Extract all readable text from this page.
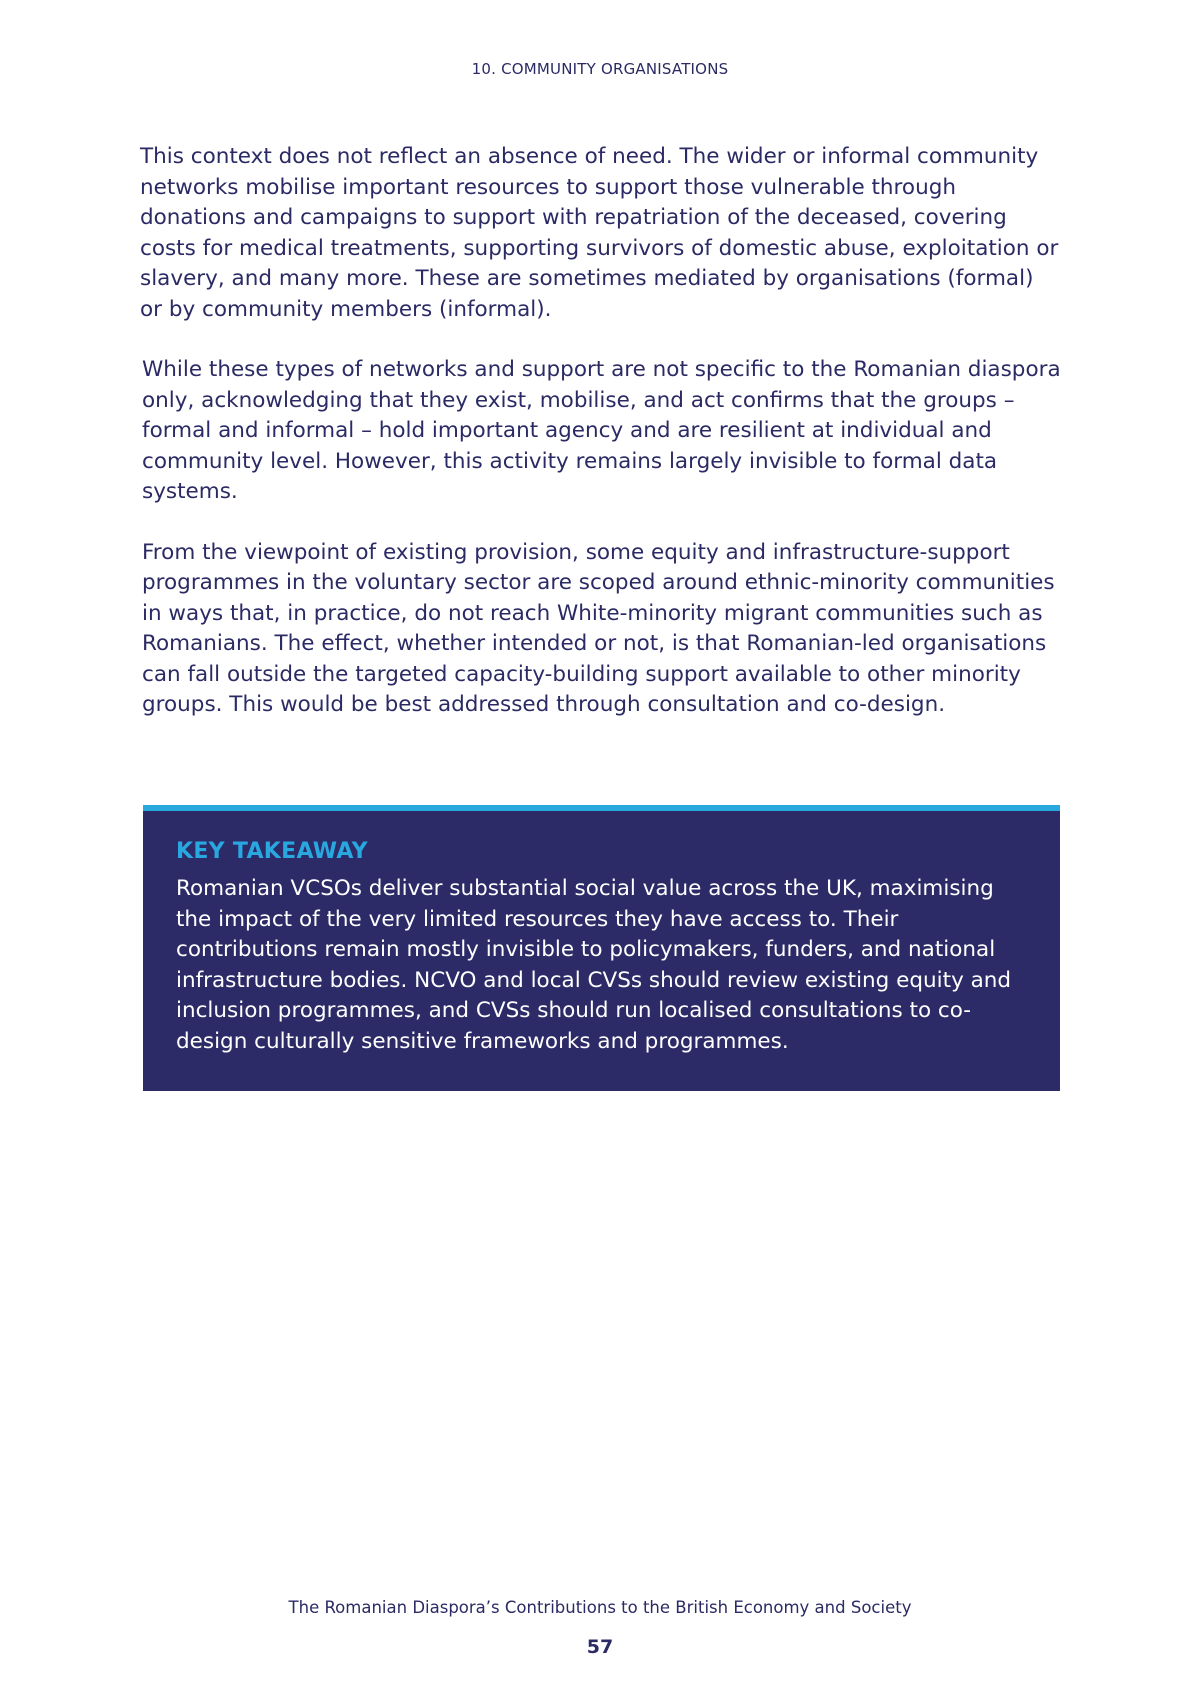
10. COMMUNITY ORGANISATIONS

This context does not reflect an absence of need. The wider or informal community networks mobilise important resources to support those vulnerable through donations and campaigns to support with repatriation of the deceased, covering costs for medical treatments, supporting survivors of domestic abuse, exploitation or slavery, and many more. These are sometimes mediated by organisations (formal) or by community members (informal).

While these types of networks and support are not specific to the Romanian diaspora only, acknowledging that they exist, mobilise, and act confirms that the groups – formal and informal – hold important agency and are resilient at individual and community level. However, this activity remains largely invisible to formal data systems.

From the viewpoint of existing provision, some equity and infrastructure-support programmes in the voluntary sector are scoped around ethnic-minority communities in ways that, in practice, do not reach White-minority migrant communities such as Romanians. The effect, whether intended or not, is that Romanian-led organisations can fall outside the targeted capacity-building support available to other minority groups. This would be best addressed through consultation and co-design.

KEY TAKEAWAY

Romanian VCSOs deliver substantial social value across the UK, maximising the impact of the very limited resources they have access to. Their contributions remain mostly invisible to policymakers, funders, and national infrastructure bodies. NCVO and local CVSs should review existing equity and inclusion programmes, and CVSs should run localised consultations to co-design culturally sensitive frameworks and programmes.

The Romanian Diaspora’s Contributions to the British Economy and Society
57
